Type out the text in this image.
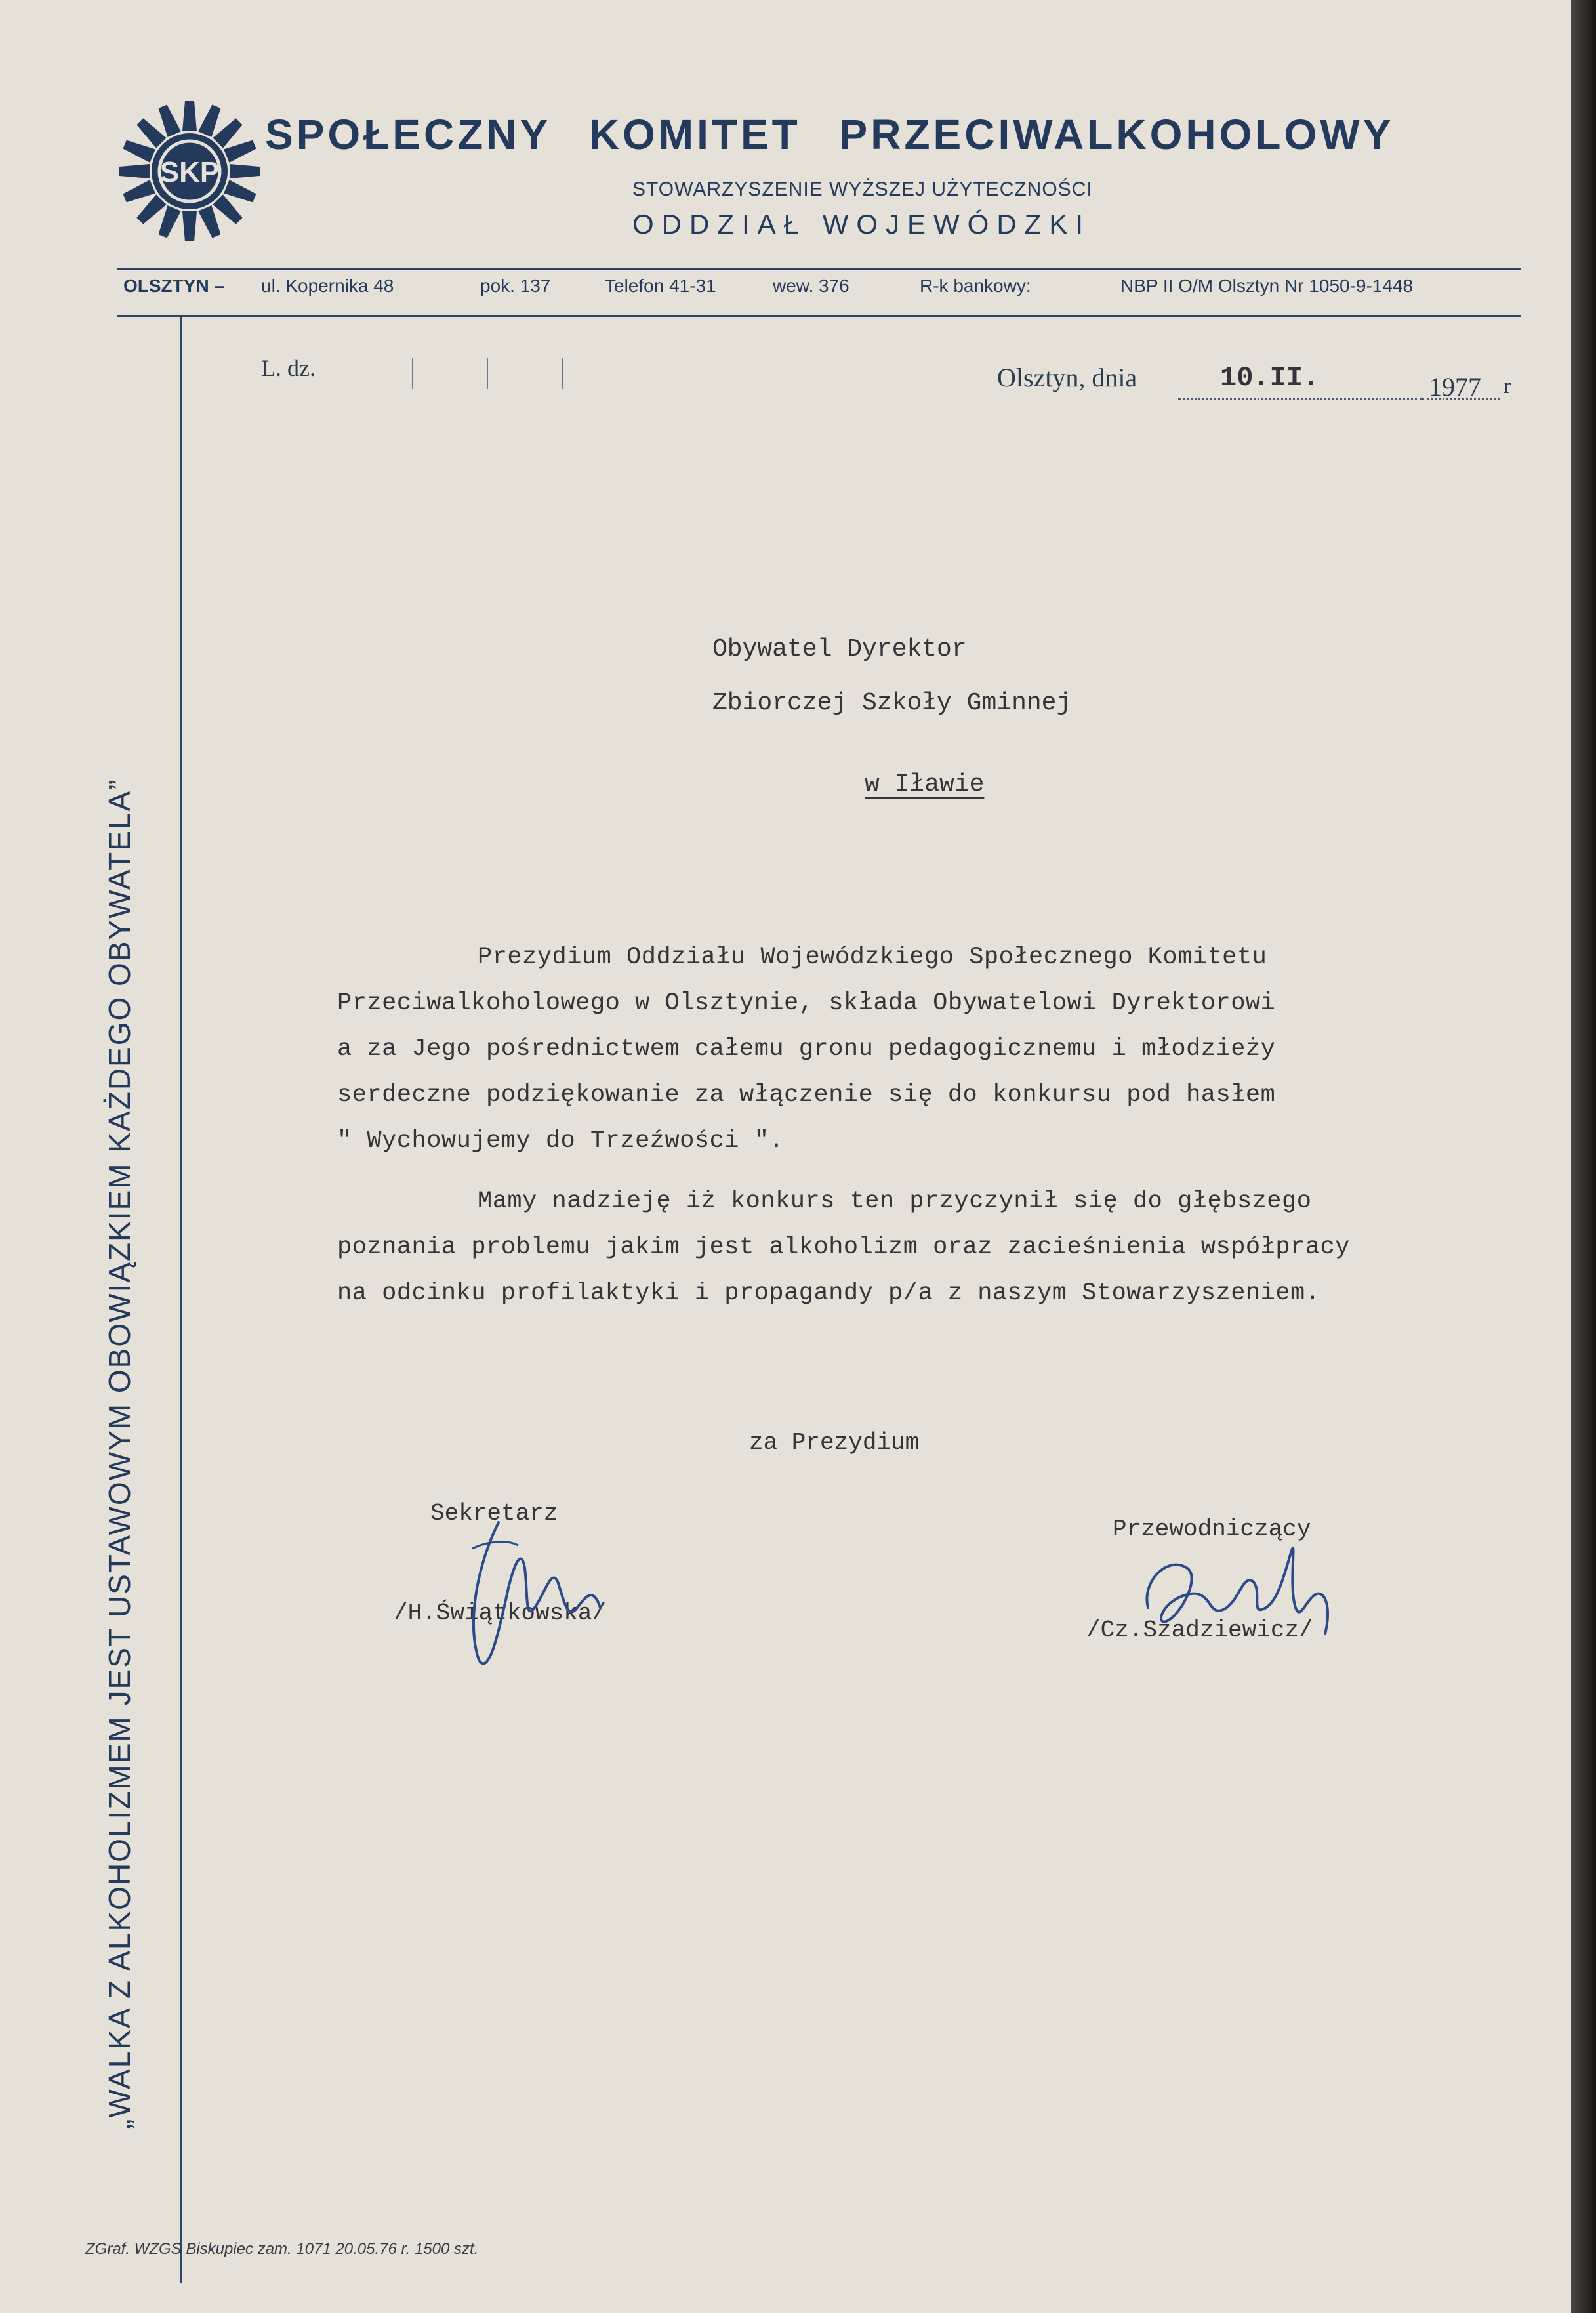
SKP
SPOŁECZNY KOMITET PRZECIWALKOHOLOWY
STOWARZYSZENIE WYŻSZEJ UŻYTECZNOŚCI
ODDZIAŁ WOJEWÓDZKI
OLSZTYN – ul. Kopernika 48	pok. 137	Telefon 41-31	wew. 376	R-k bankowy:	NBP II O/M Olsztyn Nr 1050-9-1448
„WALKA Z ALKOHOLIZMEM JEST USTAWOWYM OBOWIĄZKIEM KAŻDEGO OBYWATELA”
L. dz.	Olsztyn, dnia	10.II.	1977 r
Obywatel Dyrektor
Zbiorczej Szkoły Gminnej
w Iławie
Prezydium Oddziału Wojewódzkiego Społecznego Komitetu
Przeciwalkoholowego w Olsztynie, składa Obywatelowi Dyrektorowi
a za Jego pośrednictwem całemu gronu pedagogicznemu i młodzieży
serdeczne podziękowanie za włączenie się do konkursu pod hasłem
" Wychowujemy do Trzeźwości ".
Mamy nadzieję iż konkurs ten przyczynił się do głębszego
poznania problemu jakim jest alkoholizm oraz zacieśnienia współpracy
na odcinku profilaktyki i propagandy p/a z naszym Stowarzyszeniem.
za Prezydium
Sekretarz
/H.Świątkowska/
Przewodniczący
/Cz.Szadziewicz/
ZGraf. WZGS Biskupiec zam. 1071 20.05.76 r. 1500 szt.
